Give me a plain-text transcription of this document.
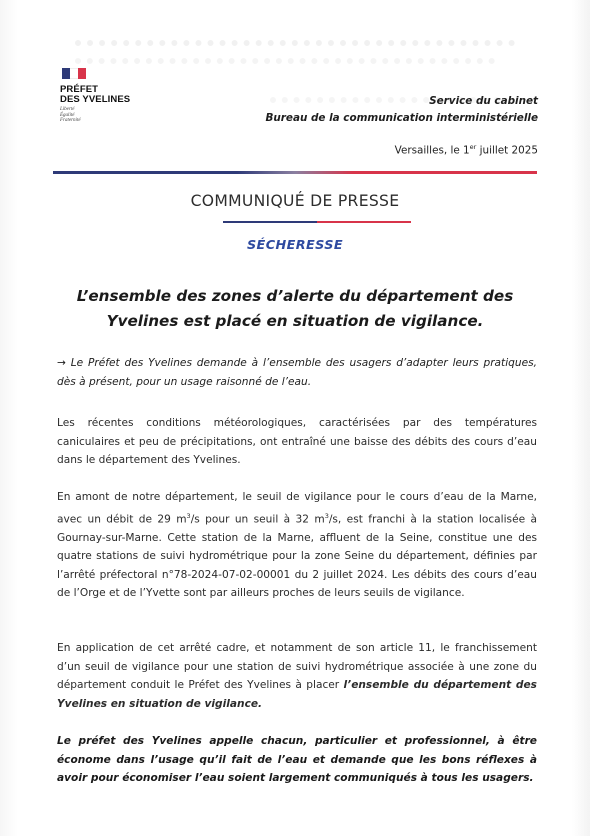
PRÉFET
DES YVELINES
Liberté
Égalité
Fraternité
Service du cabinet
Bureau de la communication interministérielle
Versailles, le 1er juillet 2025
COMMUNIQUÉ DE PRESSE
SÉCHERESSE
L’ensemble des zones d’alerte du département des
Yvelines est placé en situation de vigilance.
→ Le Préfet des Yvelines demande à l’ensemble des usagers d’adapter leurs pratiques, dès à présent, pour un usage raisonné de l’eau.
Les récentes conditions météorologiques, caractérisées par des températures caniculaires et peu de précipitations, ont entraîné une baisse des débits des cours d’eau dans le département des Yvelines.
En amont de notre département, le seuil de vigilance pour le cours d’eau de la Marne, avec un débit de 29 $m^3/s$ pour un seuil à 32 $m^3/s$, est franchi à la station localisée à Gournay-sur-Marne. Cette station de la Marne, affluent de la Seine, constitue une des quatre stations de suivi hydrométrique pour la zone Seine du département, définies par l’arrêté préfectoral n°78-2024-07-02-00001 du 2 juillet 2024. Les débits des cours d’eau de l’Orge et de l’Yvette sont par ailleurs proches de leurs seuils de vigilance.
En application de cet arrêté cadre, et notamment de son article 11, le franchissement d’un seuil de vigilance pour une station de suivi hydrométrique associée à une zone du département conduit le Préfet des Yvelines à placer l’ensemble du département des Yvelines en situation de vigilance.
Le préfet des Yvelines appelle chacun, particulier et professionnel, à être économe dans l’usage qu’il fait de l’eau et demande que les bons réflexes à avoir pour économiser l’eau soient largement communiqués à tous les usagers.
